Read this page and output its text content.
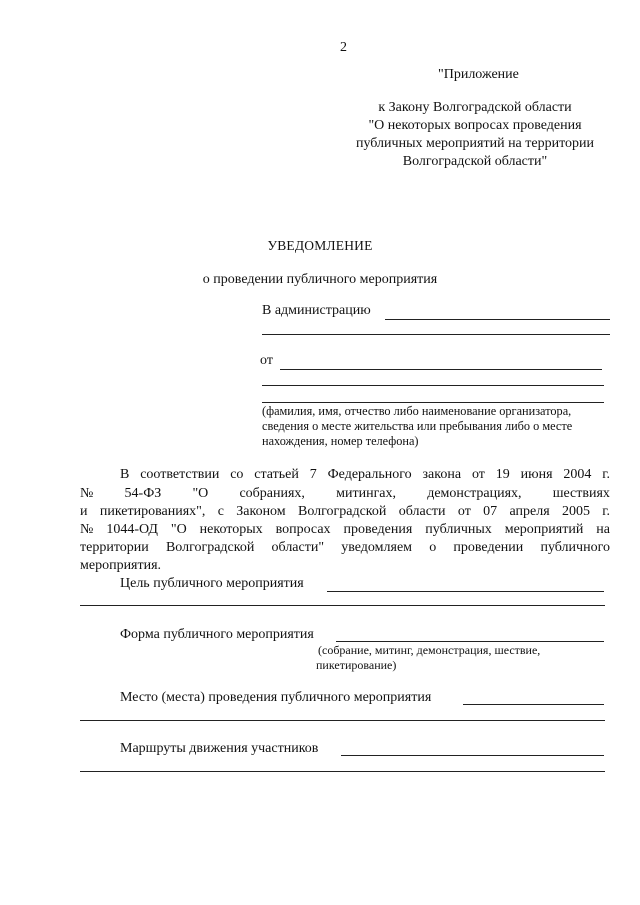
2
"Приложение
к Закону Волгоградской области
"О некоторых вопросах проведения
публичных мероприятий на территории
Волгоградской области"
УВЕДОМЛЕНИЕ
о проведении публичного мероприятия
В администрацию
от
(фамилия, имя, отчество либо наименование организатора,
сведения о месте жительства или пребывания либо о месте
нахождения, номер телефона)
В соответствии со статьей 7 Федерального закона от 19 июня 2004 г.
№ 54-ФЗ "О собраниях, митингах, демонстрациях, шествиях
и пикетированиях", с Законом Волгоградской области от 07 апреля 2005 г.
№ 1044-ОД "О некоторых вопросах проведения публичных мероприятий на
территории Волгоградской области" уведомляем о проведении публичного
мероприятия.
Цель публичного мероприятия
Форма публичного мероприятия
(собрание, митинг, демонстрация, шествие,
пикетирование)
Место (места) проведения публичного мероприятия
Маршруты движения участников
